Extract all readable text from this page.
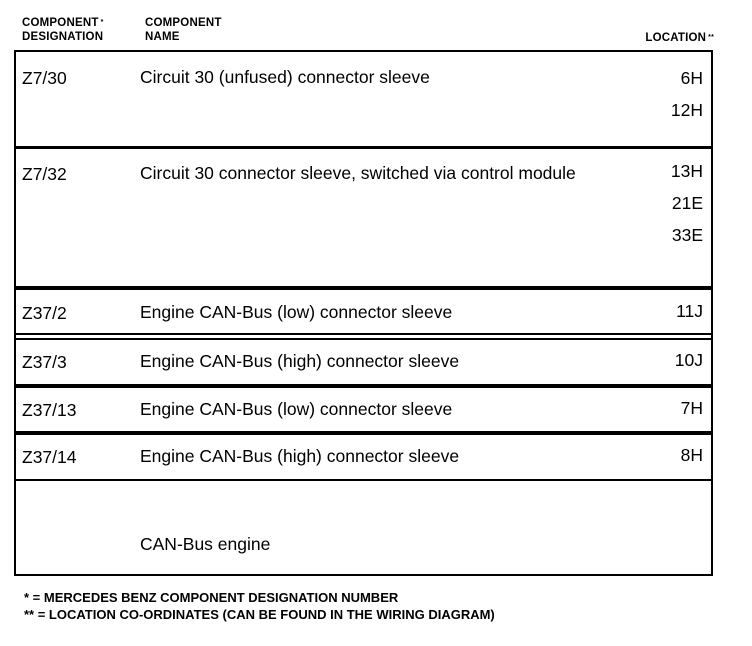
COMPONENT *
DESIGNATION
COMPONENT
NAME	LOCATION **
Z7/30	Circuit 30 (unfused) connector sleeve	6H
12H
Z7/32	Circuit 30 connector sleeve, switched via control module	13H
21E
33E
Z37/2	Engine CAN-Bus (low) connector sleeve	11J
Z37/3	Engine CAN-Bus (high) connector sleeve	10J
Z37/13	Engine CAN-Bus (low) connector sleeve	7H
Z37/14	Engine CAN-Bus (high) connector sleeve	8H
CAN-Bus engine
* = MERCEDES BENZ COMPONENT DESIGNATION NUMBER
** = LOCATION CO-ORDINATES (CAN BE FOUND IN THE WIRING DIAGRAM)
